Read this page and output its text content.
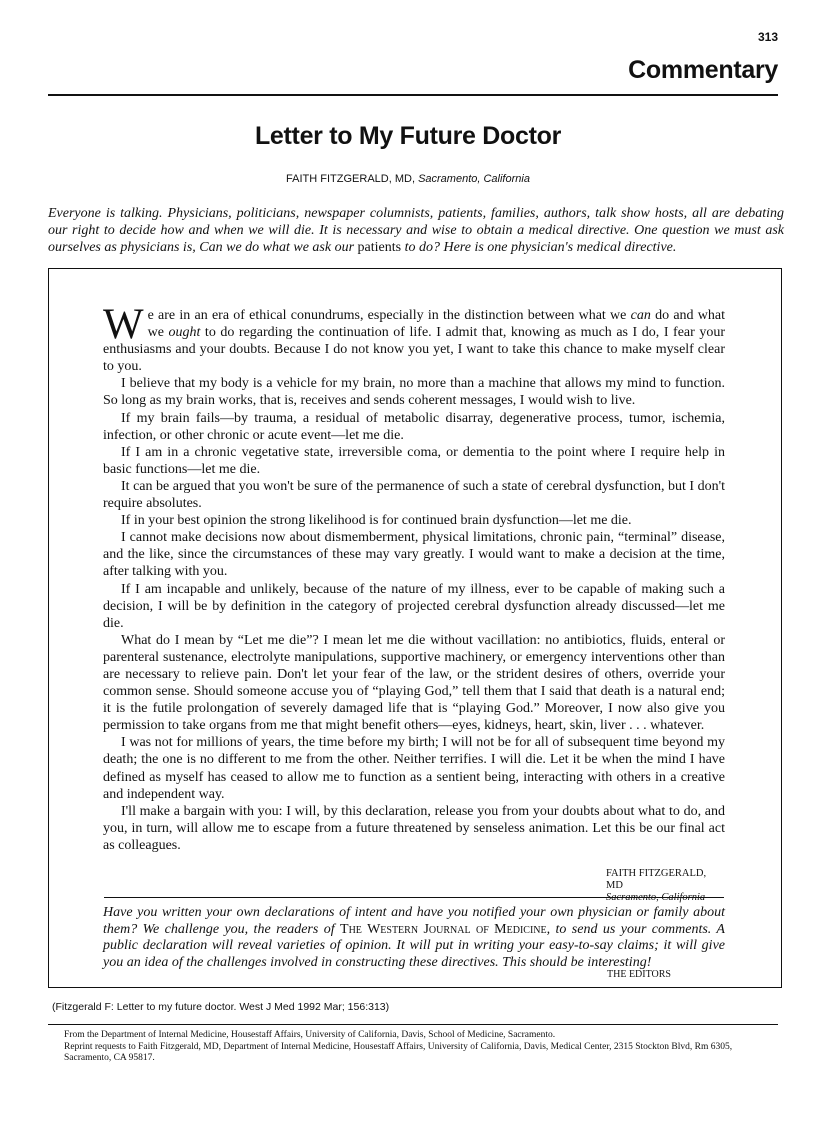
313
Commentary
Letter to My Future Doctor
FAITH FITZGERALD, MD, Sacramento, California
Everyone is talking. Physicians, politicians, newspaper columnists, patients, families, authors, talk show hosts, all are debating our right to decide how and when we will die. It is necessary and wise to obtain a medical directive. One question we must ask ourselves as physicians is, Can we do what we ask our patients to do? Here is one physician's medical directive.

We are in an era of ethical conundrums, especially in the distinction between what we can do and what we ought to do regarding the continuation of life. I admit that, knowing as much as I do, I fear your enthusiasms and your doubts. Because I do not know you yet, I want to take this chance to make myself clear to you.

I believe that my body is a vehicle for my brain, no more than a machine that allows my mind to function. So long as my brain works, that is, receives and sends coherent messages, I would wish to live.

If my brain fails—by trauma, a residual of metabolic disarray, degenerative process, tumor, ischemia, infection, or other chronic or acute event—let me die.

If I am in a chronic vegetative state, irreversible coma, or dementia to the point where I require help in basic functions—let me die.

It can be argued that you won't be sure of the permanence of such a state of cerebral dysfunction, but I don't require absolutes.

If in your best opinion the strong likelihood is for continued brain dysfunction—let me die.

I cannot make decisions now about dismemberment, physical limitations, chronic pain, “terminal” disease, and the like, since the circumstances of these may vary greatly. I would want to make a decision at the time, after talking with you.

If I am incapable and unlikely, because of the nature of my illness, ever to be capable of making such a decision, I will be by definition in the category of projected cerebral dysfunction already discussed—let me die.

What do I mean by “Let me die”? I mean let me die without vacillation: no antibiotics, fluids, enteral or parenteral sustenance, electrolyte manipulations, supportive machinery, or emergency interventions other than are necessary to relieve pain. Don't let your fear of the law, or the strident desires of others, override your common sense. Should someone accuse you of “playing God,” tell them that I said that death is a natural end; it is the futile prolongation of severely damaged life that is “playing God.” Moreover, I now also give you permission to take organs from me that might benefit others—eyes, kidneys, heart, skin, liver . . . whatever.

I was not for millions of years, the time before my birth; I will not be for all of subsequent time beyond my death; the one is no different to me from the other. Neither terrifies. I will die. Let it be when the mind I have defined as myself has ceased to allow me to function as a sentient being, interacting with others in a creative and independent way.

I'll make a bargain with you: I will, by this declaration, release you from your doubts about what to do, and you, in turn, will allow me to escape from a future threatened by senseless animation. Let this be our final act as colleagues.

FAITH FITZGERALD, MD
Sacramento, California
Have you written your own declarations of intent and have you notified your own physician or family about them? We challenge you, the readers of The Western Journal of Medicine, to send us your comments. A public declaration will reveal varieties of opinion. It will put in writing your easy-to-say claims; it will give you an idea of the challenges involved in constructing these directives. This should be interesting!
THE EDITORS
(Fitzgerald F: Letter to my future doctor. West J Med 1992 Mar; 156:313)
From the Department of Internal Medicine, Housestaff Affairs, University of California, Davis, School of Medicine, Sacramento.
Reprint requests to Faith Fitzgerald, MD, Department of Internal Medicine, Housestaff Affairs, University of California, Davis, Medical Center, 2315 Stockton Blvd, Rm 6305, Sacramento, CA 95817.
